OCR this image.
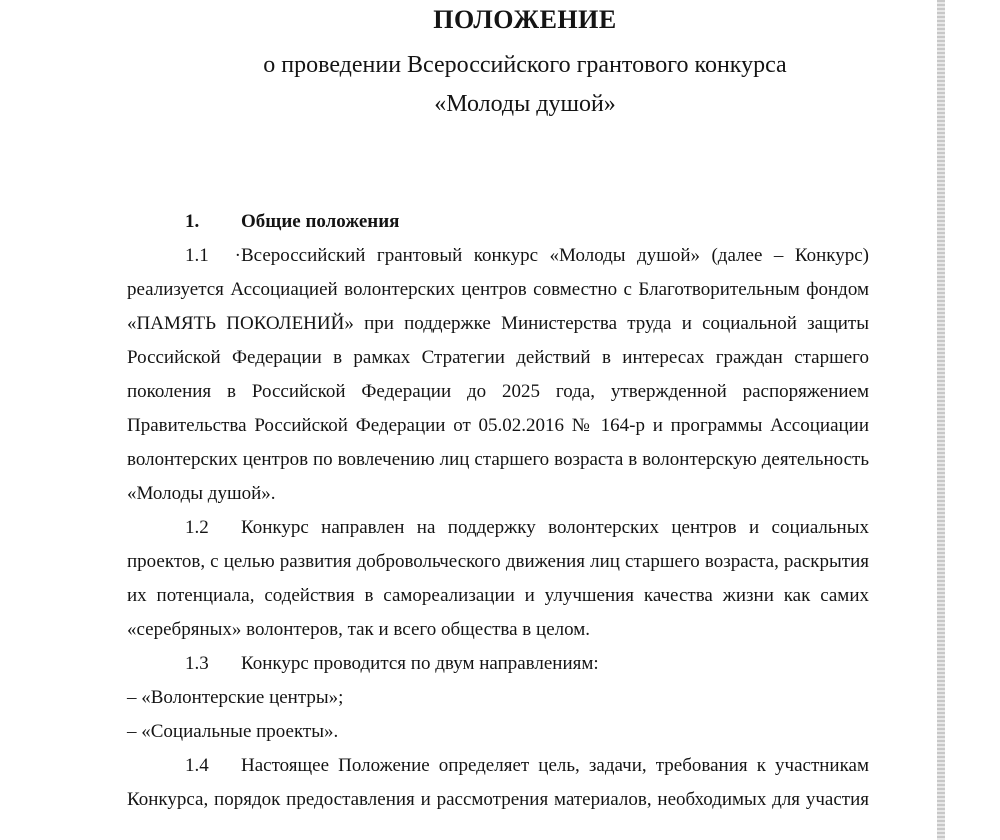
ПОЛОЖЕНИЕ
о проведении Всероссийского грантового конкурса
«Молоды душой»
1. Общие положения
1.1 ·Всероссийский грантовый конкурс «Молоды душой» (далее – Конкурс)
реализуется Ассоциацией волонтерских центров совместно с Благотворительным фондом
«ПАМЯТЬ ПОКОЛЕНИЙ» при поддержке Министерства труда и социальной защиты
Российской Федерации в рамках Стратегии действий в интересах граждан старшего
поколения в Российской Федерации до 2025 года, утвержденной распоряжением
Правительства Российской Федерации от 05.02.2016 № 164-р и программы Ассоциации
волонтерских центров по вовлечению лиц старшего возраста в волонтерскую деятельность
«Молоды душой».
1.2 Конкурс направлен на поддержку волонтерских центров и социальных
проектов, с целью развития добровольческого движения лиц старшего возраста, раскрытия
их потенциала, содействия в самореализации и улучшения качества жизни как самих
«серебряных» волонтеров, так и всего общества в целом.
1.3 Конкурс проводится по двум направлениям:
– «Волонтерские центры»;
– «Социальные проекты».
1.4 Настоящее Положение определяет цель, задачи, требования к участникам
Конкурса, порядок предоставления и рассмотрения материалов, необходимых для участия
